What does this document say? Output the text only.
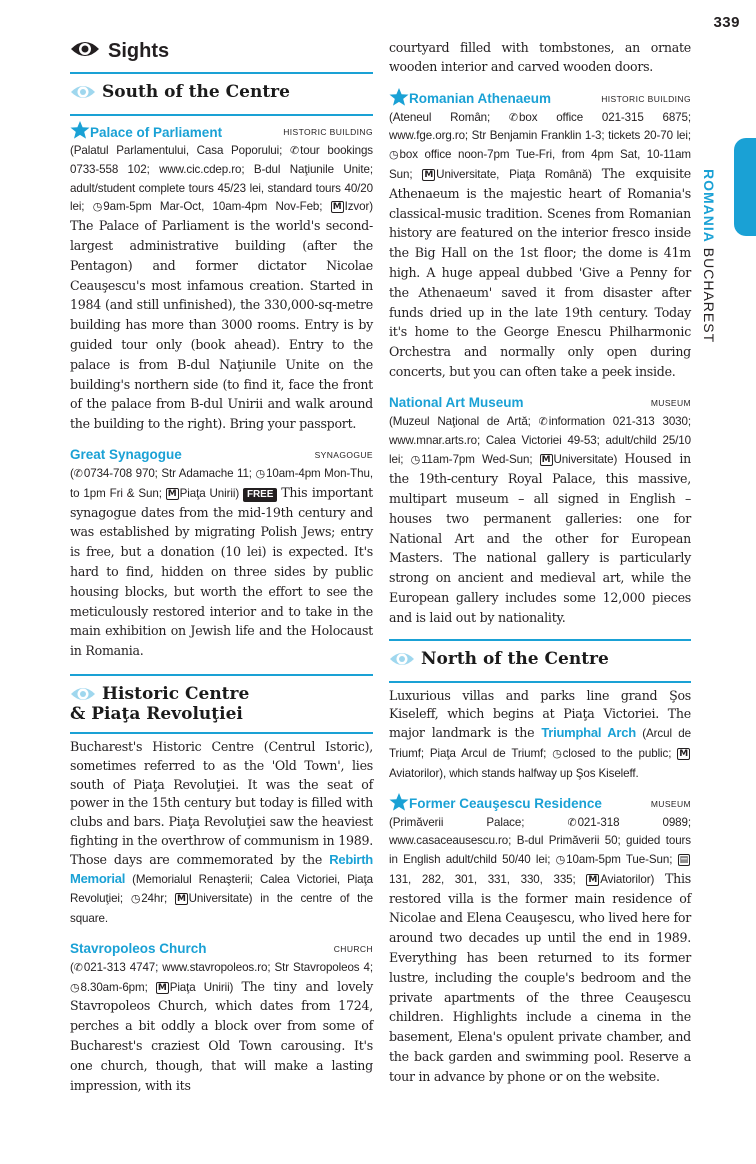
339
ROMANIA BUCHAREST
Sights
South of the Centre
Palace of Parliament	HISTORIC BUILDING
(Palatul Parlamentului, Casa Poporului; ✆tour bookings 0733-558 102; www.cic.cdep.ro; B-dul Naţiunile Unite; adult/student complete tours 45/23 lei, standard tours 40/20 lei; ◷9am-5pm Mar-Oct, 10am-4pm Nov-Feb; M Izvor) The Palace of Parliament is the world's second-largest administrative building (after the Pentagon) and former dictator Nicolae Ceauşescu's most infamous creation. Started in 1984 (and still unfinished), the 330,000-sq-metre building has more than 3000 rooms. Entry is by guided tour only (book ahead). Entry to the palace is from B-dul Naţiunile Unite on the building's northern side (to find it, face the front of the palace from B-dul Unirii and walk around the building to the right). Bring your passport.
Great Synagogue	SYNAGOGUE
(✆0734-708 970; Str Adamache 11; ◷10am-4pm Mon-Thu, to 1pm Fri & Sun; M Piaţa Unirii) FREE This important synagogue dates from the mid-19th century and was established by migrating Polish Jews; entry is free, but a donation (10 lei) is expected. It's hard to find, hidden on three sides by public housing blocks, but worth the effort to see the meticulously restored interior and to take in the main exhibition on Jewish life and the Holocaust in Romania.
Historic Centre
& Piaţa Revoluţiei
Bucharest's Historic Centre (Centrul Istoric), sometimes referred to as the 'Old Town', lies south of Piaţa Revoluţiei. It was the seat of power in the 15th century but today is filled with clubs and bars. Piaţa Revoluţiei saw the heaviest fighting in the overthrow of communism in 1989. Those days are commemorated by the Rebirth Memorial (Memorialul Renaşterii; Calea Victoriei, Piaţa Revoluţiei; ◷24hr; M Universitate) in the centre of the square.
Stavropoleos Church	CHURCH
(✆021-313 4747; www.stavropoleos.ro; Str Stavropoleos 4; ◷8.30am-6pm; M Piaţa Unirii) The tiny and lovely Stavropoleos Church, which dates from 1724, perches a bit oddly a block over from some of Bucharest's craziest Old Town carousing. It's one church, though, that will make a lasting impression, with its
courtyard filled with tombstones, an ornate wooden interior and carved wooden doors.
Romanian Athenaeum	HISTORIC BUILDING
(Ateneul Român; ✆box office 021-315 6875; www.fge.org.ro; Str Benjamin Franklin 1-3; tickets 20-70 lei; ◷box office noon-7pm Tue-Fri, from 4pm Sat, 10-11am Sun; M Universitate, Piaţa Română) The exquisite Athenaeum is the majestic heart of Romania's classical-music tradition. Scenes from Romanian history are featured on the interior fresco inside the Big Hall on the 1st floor; the dome is 41m high. A huge appeal dubbed 'Give a Penny for the Athenaeum' saved it from disaster after funds dried up in the late 19th century. Today it's home to the George Enescu Philharmonic Orchestra and normally only open during concerts, but you can often take a peek inside.
National Art Museum	MUSEUM
(Muzeul Naţional de Artă; ✆information 021-313 3030; www.mnar.arts.ro; Calea Victoriei 49-53; adult/child 25/10 lei; ◷11am-7pm Wed-Sun; M Universitate) Housed in the 19th-century Royal Palace, this massive, multipart museum – all signed in English – houses two permanent galleries: one for National Art and the other for European Masters. The national gallery is particularly strong on ancient and medieval art, while the European gallery includes some 12,000 pieces and is laid out by nationality.
North of the Centre
Luxurious villas and parks line grand Şos Kiseleff, which begins at Piaţa Victoriei. The major landmark is the Triumphal Arch (Arcul de Triumf; Piaţa Arcul de Triumf; ◷closed to the public; MAviatorilor), which stands halfway up Şos Kiseleff.
Former Ceauşescu Residence	MUSEUM
(Primăverii Palace; ✆021-318 0989; www.casaceausescu.ro; B-dul Primăverii 50; guided tours in English adult/child 50/40 lei; ◷10am-5pm Tue-Sun; ▤131, 282, 301, 331, 330, 335; M Aviatorilor) This restored villa is the former main residence of Nicolae and Elena Ceauşescu, who lived here for around two decades up until the end in 1989. Everything has been returned to its former lustre, including the couple's bedroom and the private apartments of the three Ceauşescu children. Highlights include a cinema in the basement, Elena's opulent private chamber, and the back garden and swimming pool. Reserve a tour in advance by phone or on the website.
